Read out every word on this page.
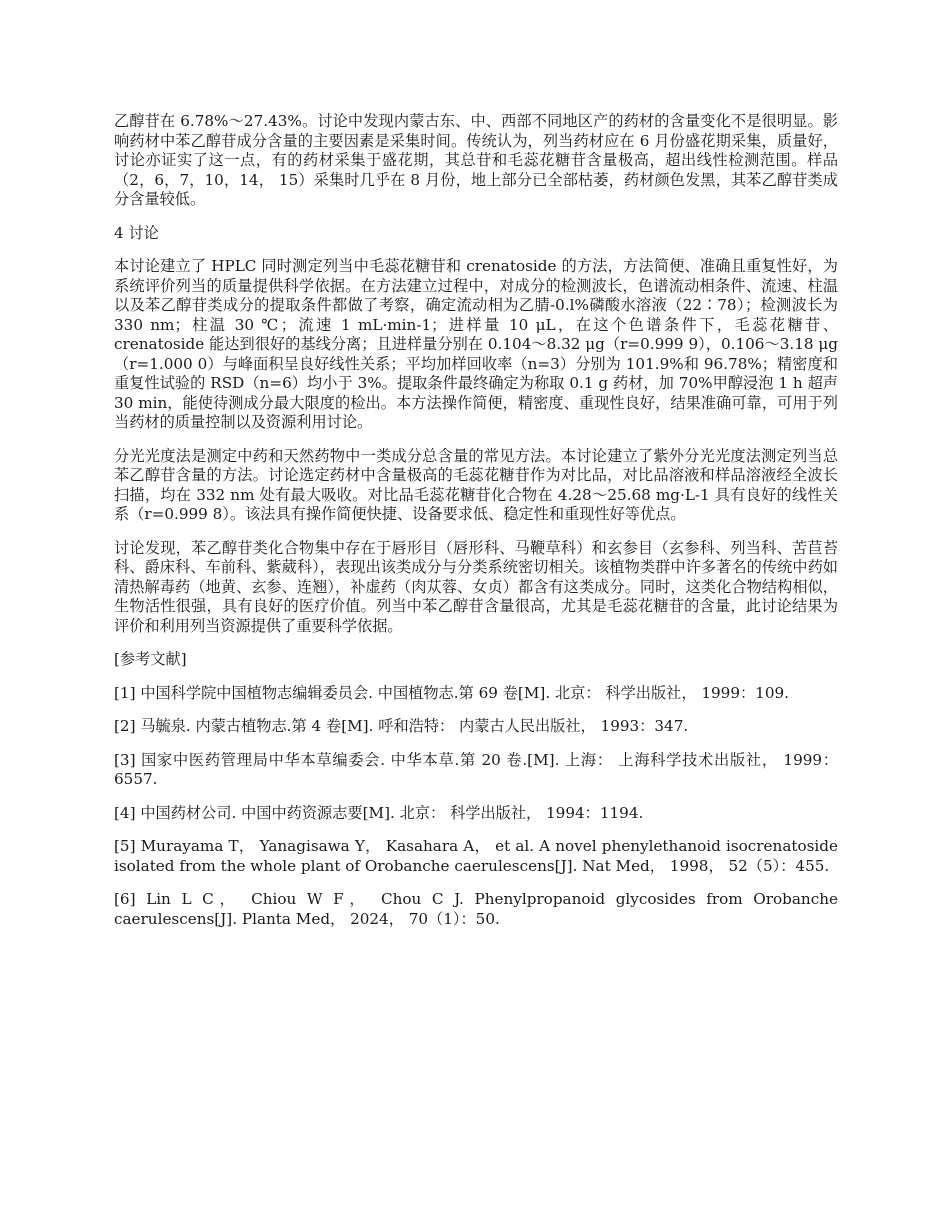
乙醇苷在 6.78%～27.43%。讨论中发现内蒙古东、中、西部不同地区产的药材的含量变化不是很明显。影响药材中苯乙醇苷成分含量的主要因素是采集时间。传统认为，列当药材应在 6 月份盛花期采集，质量好，讨论亦证实了这一点，有的药材采集于盛花期，其总苷和毛蕊花糖苷含量极高，超出线性检测范围。样品（2，6，7，10，14， 15）采集时几乎在 8 月份，地上部分已全部枯萎，药材颜色发黑，其苯乙醇苷类成分含量较低。

4 讨论

本讨论建立了 HPLC 同时测定列当中毛蕊花糖苷和 crenatoside 的方法，方法简便、准确且重复性好，为系统评价列当的质量提供科学依据。在方法建立过程中，对成分的检测波长，色谱流动相条件、流速、柱温以及苯乙醇苷类成分的提取条件都做了考察，确定流动相为乙腈-0.l%磷酸水溶液（22∶78）；检测波长为 330 nm；柱温 30 ℃；流速 1 mL·min-1；进样量 10 μL，在这个色谱条件下，毛蕊花糖苷、crenatoside 能达到很好的基线分离；且进样量分别在 0.104～8.32 μg（r=0.999 9），0.106～3.18 μg（r=1.000 0）与峰面积呈良好线性关系；平均加样回收率（n=3）分别为 101.9%和 96.78%；精密度和重复性试验的 RSD（n=6）均小于 3%。提取条件最终确定为称取 0.1 g 药材，加 70%甲醇浸泡 1 h 超声 30 min，能使待测成分最大限度的检出。本方法操作简便，精密度、重现性良好，结果准确可靠，可用于列当药材的质量控制以及资源利用讨论。

分光光度法是测定中药和天然药物中一类成分总含量的常见方法。本讨论建立了紫外分光光度法测定列当总苯乙醇苷含量的方法。讨论选定药材中含量极高的毛蕊花糖苷作为对比品，对比品溶液和样品溶液经全波长扫描，均在 332 nm 处有最大吸收。对比品毛蕊花糖苷化合物在 4.28～25.68 mg·L-1 具有良好的线性关系（r=0.999 8）。该法具有操作简便快捷、设备要求低、稳定性和重现性好等优点。

讨论发现，苯乙醇苷类化合物集中存在于唇形目（唇形科、马鞭草科）和玄参目（玄参科、列当科、苦苣苔科、爵床科、车前科、紫葳科），表现出该类成分与分类系统密切相关。该植物类群中许多著名的传统中药如清热解毒药（地黄、玄参、连翘），补虚药（肉苁蓉、女贞）都含有这类成分。同时，这类化合物结构相似，生物活性很强，具有良好的医疗价值。列当中苯乙醇苷含量很高，尤其是毛蕊花糖苷的含量，此讨论结果为评价和利用列当资源提供了重要科学依据。

[参考文献]

[1] 中国科学院中国植物志编辑委员会. 中国植物志.第 69 卷[M]. 北京： 科学出版社， 1999：109.

[2] 马毓泉. 内蒙古植物志.第 4 卷[M]. 呼和浩特： 内蒙古人民出版社， 1993：347.

[3] 国家中医药管理局中华本草编委会. 中华本草.第 20 卷.[M]. 上海： 上海科学技术出版社， 1999：6557.

[4] 中国药材公司. 中国中药资源志要[M]. 北京： 科学出版社， 1994：1194.

[5] Murayama T， Yanagisawa Y， Kasahara A， et al. A novel phenylethanoid isocrenatoside isolated from the whole plant of Orobanche caerulescens[J]. Nat Med， 1998， 52（5）：455.

[6] Lin L C， Chiou W F， Chou C J. Phenylpropanoid glycosides from Orobanche caerulescens[J]. Planta Med， 2024， 70（1）：50.
